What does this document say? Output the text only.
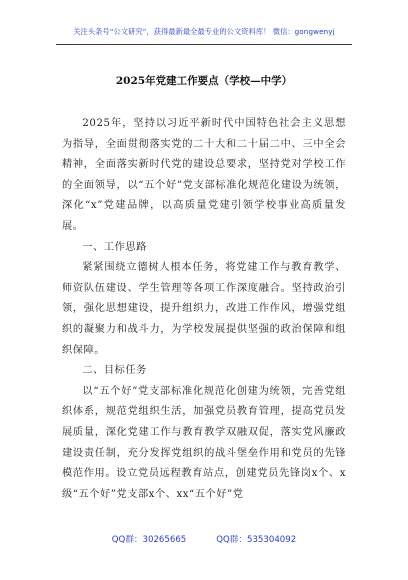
关注头条号“公文研究”，获得最新最全最专业的公文资料库！ 微信：gongwenyj
2025年党建工作要点（学校—中学）

2025年，坚持以习近平新时代中国特色社会主义思想为指导，全面贯彻落实党的二十大和二十届二中、三中全会精神，全面落实新时代党的建设总要求，坚持党对学校工作的全面领导，以“五个好”党支部标准化规范化建设为统领，深化“x”党建品牌，以高质量党建引领学校事业高质量发展。

一、工作思路

紧紧围绕立德树人根本任务，将党建工作与教育教学、师资队伍建设、学生管理等各项工作深度融合。坚持政治引领，强化思想建设，提升组织力，改进工作作风，增强党组织的凝聚力和战斗力，为学校发展提供坚强的政治保障和组织保障。

二、目标任务

以“五个好”党支部标准化规范化创建为统领，完善党组织体系，规范党组织生活，加强党员教育管理，提高党员发展质量，深化党建工作与教育教学双融双促，落实党风廉政建设责任制，充分发挥党组织的战斗堡垒作用和党员的先锋模范作用。设立党员远程教育站点，创建党员先锋岗x个、x级“五个好”党支部x个、xx“五个好”党

QQ群：30265665	QQ群：535304092
